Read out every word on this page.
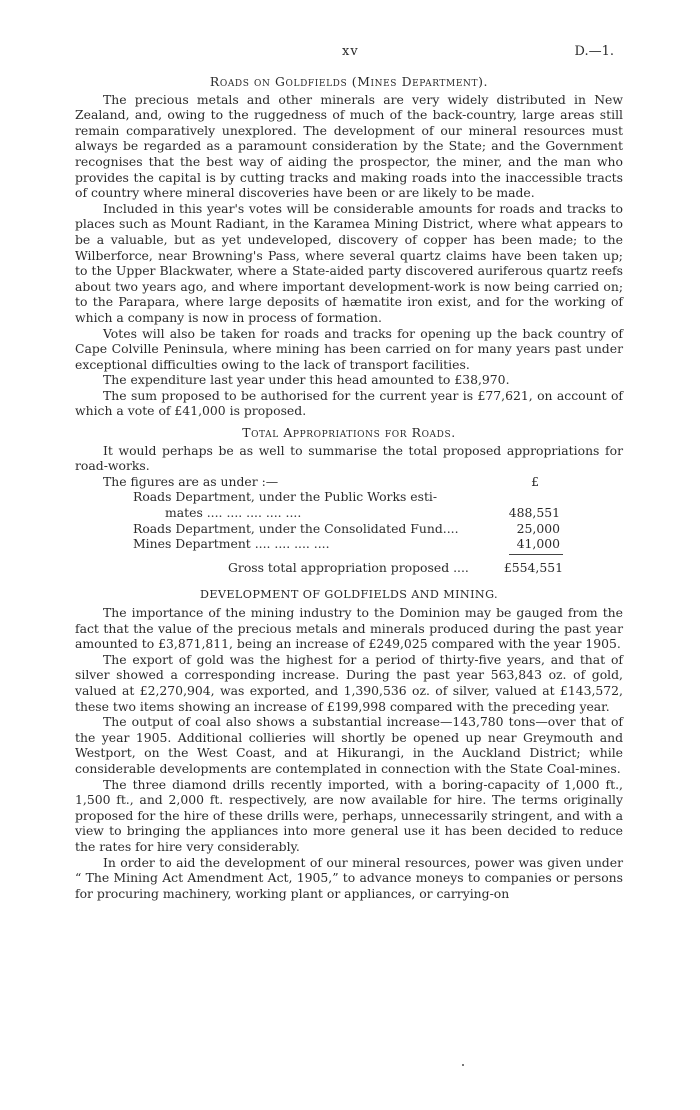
xv	D.—1.
Roads on Goldfields (Mines Department).

The precious metals and other minerals are very widely distributed in New Zealand, and, owing to the ruggedness of much of the back-country, large areas still remain comparatively unexplored. The development of our mineral resources must always be regarded as a paramount consideration by the State; and the Government recognises that the best way of aiding the prospector, the miner, and the man who provides the capital is by cutting tracks and making roads into the inaccessible tracts of country where mineral discoveries have been or are likely to be made.

Included in this year's votes will be considerable amounts for roads and tracks to places such as Mount Radiant, in the Karamea Mining District, where what appears to be a valuable, but as yet undeveloped, discovery of copper has been made; to the Wilberforce, near Browning's Pass, where several quartz claims have been taken up; to the Upper Blackwater, where a State-aided party discovered auriferous quartz reefs about two years ago, and where important development-work is now being carried on; to the Parapara, where large deposits of hæmatite iron exist, and for the working of which a company is now in process of formation.

Votes will also be taken for roads and tracks for opening up the back country of Cape Colville Peninsula, where mining has been carried on for many years past under exceptional difficulties owing to the lack of transport facilities.

The expenditure last year under this head amounted to £38,970.

The sum proposed to be authorised for the current year is £77,621, on account of which a vote of £41,000 is proposed.

Total Appropriations for Roads.

It would perhaps be as well to summarise the total proposed appropriations for road-works.

The figures are as under :—	£
Roads Department, under the Public Works esti-
mates .... .... .... .... ....	488,551
Roads Department, under the Consolidated Fund....	25,000
Mines Department .... .... .... ....	41,000
Gross total appropriation proposed ....	£554,551
DEVELOPMENT OF GOLDFIELDS AND MINING.

The importance of the mining industry to the Dominion may be gauged from the fact that the value of the precious metals and minerals produced during the past year amounted to £3,871,811, being an increase of £249,025 compared with the year 1905.

The export of gold was the highest for a period of thirty-five years, and that of silver showed a corresponding increase. During the past year 563,843 oz. of gold, valued at £2,270,904, was exported, and 1,390,536 oz. of silver, valued at £143,572, these two items showing an increase of £199,998 compared with the preceding year.

The output of coal also shows a substantial increase—143,780 tons—over that of the year 1905. Additional collieries will shortly be opened up near Greymouth and Westport, on the West Coast, and at Hikurangi, in the Auckland District; while considerable developments are contemplated in connection with the State Coal-mines.

The three diamond drills recently imported, with a boring-capacity of 1,000 ft., 1,500 ft., and 2,000 ft. respectively, are now available for hire. The terms originally proposed for the hire of these drills were, perhaps, unnecessarily stringent, and with a view to bringing the appliances into more general use it has been decided to reduce the rates for hire very considerably.

In order to aid the development of our mineral resources, power was given under “ The Mining Act Amendment Act, 1905,” to advance moneys to companies or persons for procuring machinery, working plant or appliances, or carrying-on
